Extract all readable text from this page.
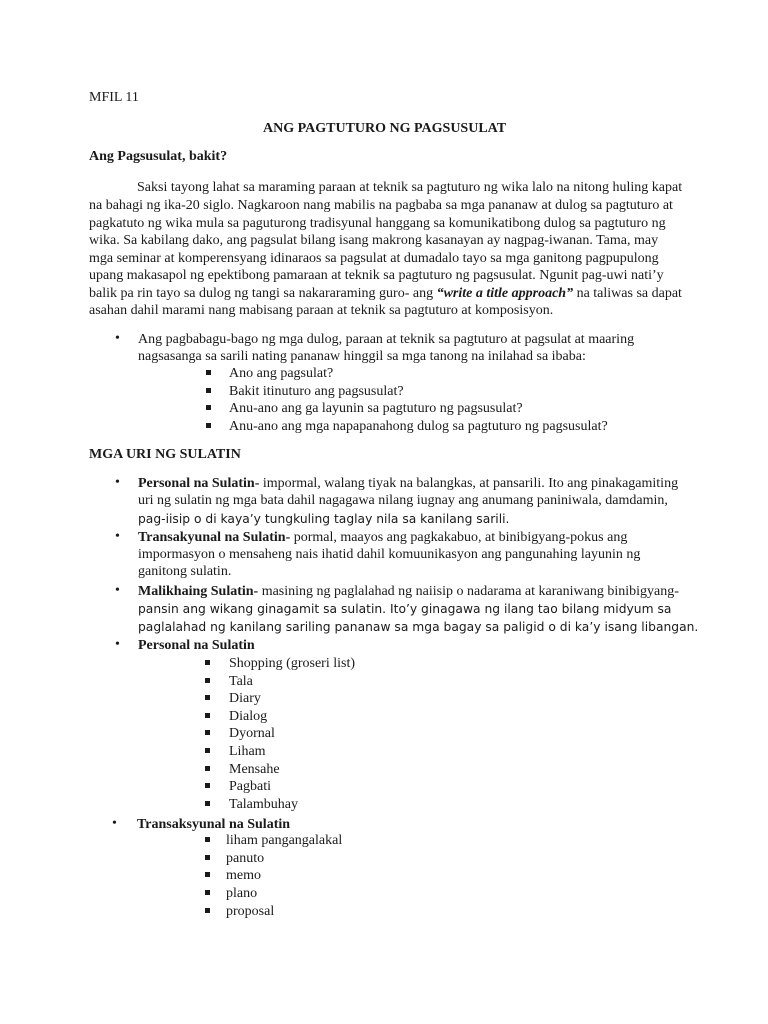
MFIL 11
ANG PAGTUTURO NG PAGSUSULAT
Ang Pagsusulat, bakit?
Saksi tayong lahat sa maraming paraan at teknik sa pagtuturo ng wika lalo na nitong huling kapat
na bahagi ng ika-20 siglo. Nagkaroon nang mabilis na pagbaba sa mga pananaw at dulog sa pagtuturo at
pagkatuto ng wika mula sa paguturong tradisyunal hanggang sa komunikatibong dulog sa pagtuturo ng
wika. Sa kabilang dako, ang pagsulat bilang isang makrong kasanayan ay nagpag-iwanan. Tama, may
mga seminar at komperensyang idinaraos sa pagsulat at dumadalo tayo sa mga ganitong pagpupulong
upang makasapol ng epektibong pamaraan at teknik sa pagtuturo ng pagsusulat. Ngunit pag-uwi nati’y
balik pa rin tayo sa dulog ng tangi sa nakararaming guro- ang “write a title approach” na taliwas sa dapat
asahan dahil marami nang mabisang paraan at teknik sa pagtuturo at komposisyon.
•
Ang pagbabagu-bago ng mga dulog, paraan at teknik sa pagtuturo at pagsulat at maaring
nagsasanga sa sarili nating pananaw hinggil sa mga tanong na inilahad sa ibaba:
Ano ang pagsulat?
Bakit itinuturo ang pagsusulat?
Anu-ano ang ga layunin sa pagtuturo ng pagsusulat?
Anu-ano ang mga napapanahong dulog sa pagtuturo ng pagsusulat?
MGA URI NG SULATIN
•
Personal na Sulatin- impormal, walang tiyak na balangkas, at pansarili. Ito ang pinakagamiting
uri ng sulatin ng mga bata dahil nagagawa nilang iugnay ang anumang paniniwala, damdamin,
pag-iisip o di kaya’y tungkuling taglay nila sa kanilang sarili.
•
Transakyunal na Sulatin- pormal, maayos ang pagkakabuo, at binibigyang-pokus ang
impormasyon o mensaheng nais ihatid dahil komuunikasyon ang pangunahing layunin ng
ganitong sulatin.
•
Malikhaing Sulatin- masining ng paglalahad ng naiisip o nadarama at karaniwang binibigyang-
pansin ang wikang ginagamit sa sulatin. Ito’y ginagawa ng ilang tao bilang midyum sa
paglalahad ng kanilang sariling pananaw sa mga bagay sa paligid o di ka’y isang libangan.
•
Personal na Sulatin
Shopping (groseri list)
Tala
Diary
Dialog
Dyornal
Liham
Mensahe
Pagbati
Talambuhay
•
Transaksyunal na Sulatin
liham pangangalakal
panuto
memo
plano
proposal
